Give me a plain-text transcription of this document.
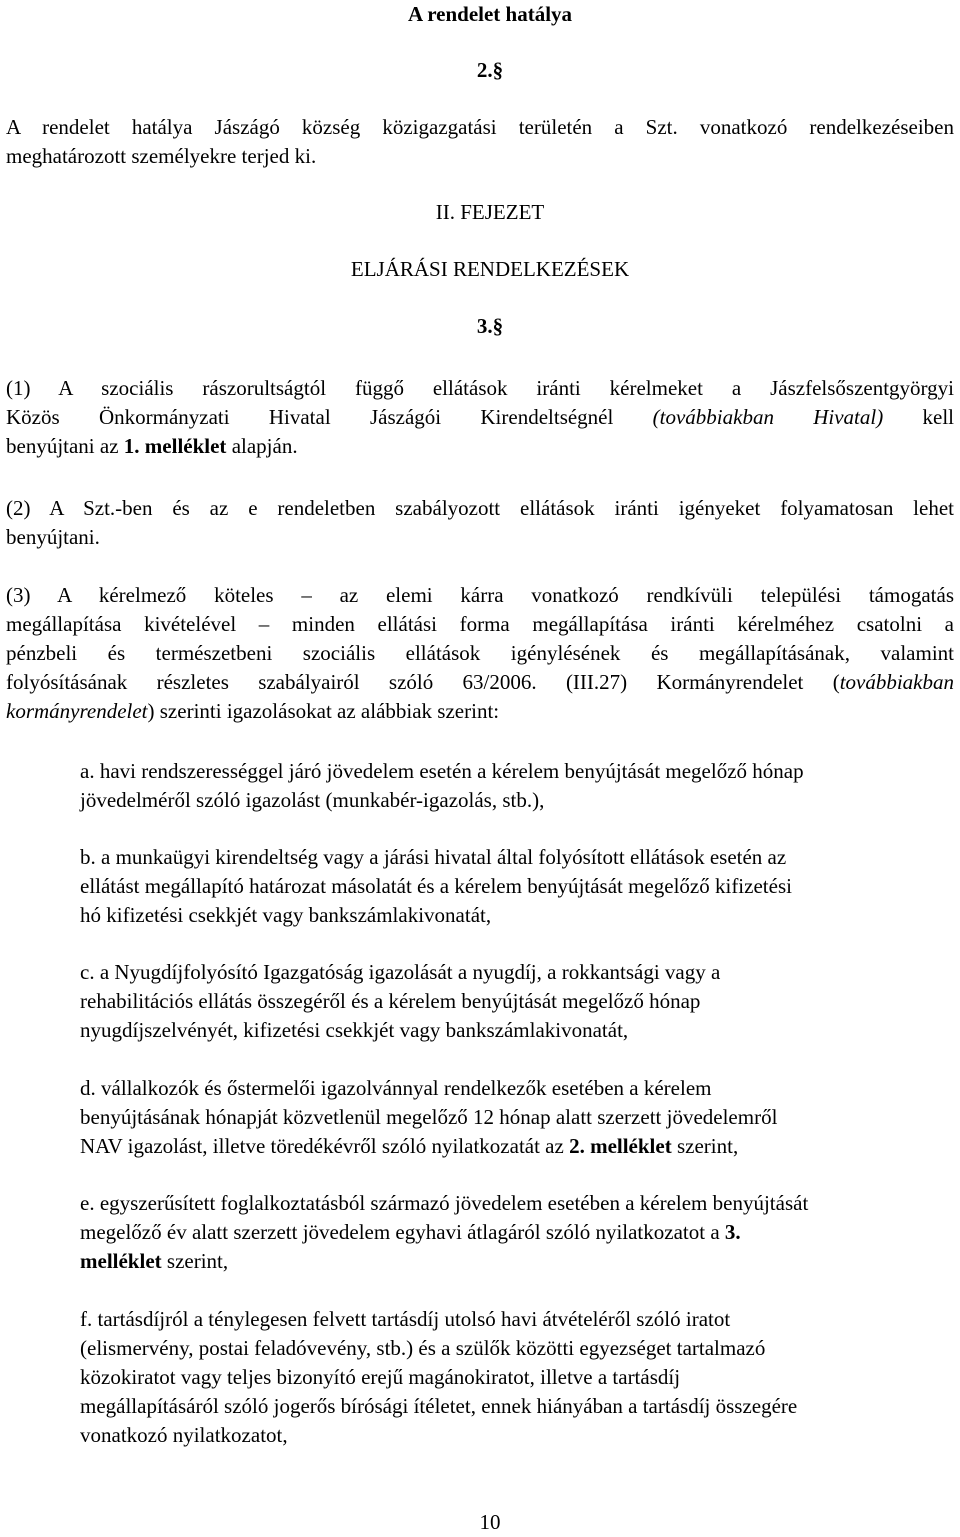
A rendelet hatálya
2.§
A rendelet hatálya Jászágó község közigazgatási területén a Szt. vonatkozó rendelkezéseiben
meghatározott személyekre terjed ki.
II. FEJEZET
ELJÁRÁSI RENDELKEZÉSEK
3.§
(1) A szociális rászorultságtól függő ellátások iránti kérelmeket a Jászfelsőszentgyörgyi
Közös Önkormányzati Hivatal Jászágói Kirendeltségnél (továbbiakban Hivatal) kell
benyújtani az 1. melléklet alapján.
(2) A Szt.-ben és az e rendeletben szabályozott ellátások iránti igényeket folyamatosan lehet
benyújtani.
(3) A kérelmező köteles – az elemi kárra vonatkozó rendkívüli települési támogatás
megállapítása kivételével – minden ellátási forma megállapítása iránti kérelméhez csatolni a
pénzbeli és természetbeni szociális ellátások igénylésének és megállapításának, valamint
folyósításának részletes szabályairól szóló 63/2006. (III.27) Kormányrendelet (továbbiakban
kormányrendelet) szerinti igazolásokat az alábbiak szerint:
a. havi rendszerességgel járó jövedelem esetén a kérelem benyújtását megelőző hónap
jövedelméről szóló igazolást (munkabér-igazolás, stb.),
b. a munkaügyi kirendeltség vagy a járási hivatal által folyósított ellátások esetén az
ellátást megállapító határozat másolatát és a kérelem benyújtását megelőző kifizetési
hó kifizetési csekkjét vagy bankszámlakivonatát,
c. a Nyugdíjfolyósító Igazgatóság igazolását a nyugdíj, a rokkantsági vagy a
rehabilitációs ellátás összegéről és a kérelem benyújtását megelőző hónap
nyugdíjszelvényét, kifizetési csekkjét vagy bankszámlakivonatát,
d. vállalkozók és őstermelői igazolvánnyal rendelkezők esetében a kérelem
benyújtásának hónapját közvetlenül megelőző 12 hónap alatt szerzett jövedelemről
NAV igazolást, illetve töredékévről szóló nyilatkozatát az 2. melléklet szerint,
e. egyszerűsített foglalkoztatásból származó jövedelem esetében a kérelem benyújtását
megelőző év alatt szerzett jövedelem egyhavi átlagáról szóló nyilatkozatot a 3.
melléklet szerint,
f. tartásdíjról a ténylegesen felvett tartásdíj utolsó havi átvételéről szóló iratot
(elismervény, postai feladóvevény, stb.) és a szülők közötti egyezséget tartalmazó
közokiratot vagy teljes bizonyító erejű magánokiratot, illetve a tartásdíj
megállapításáról szóló jogerős bírósági ítéletet, ennek hiányában a tartásdíj összegére
vonatkozó nyilatkozatot,
10
